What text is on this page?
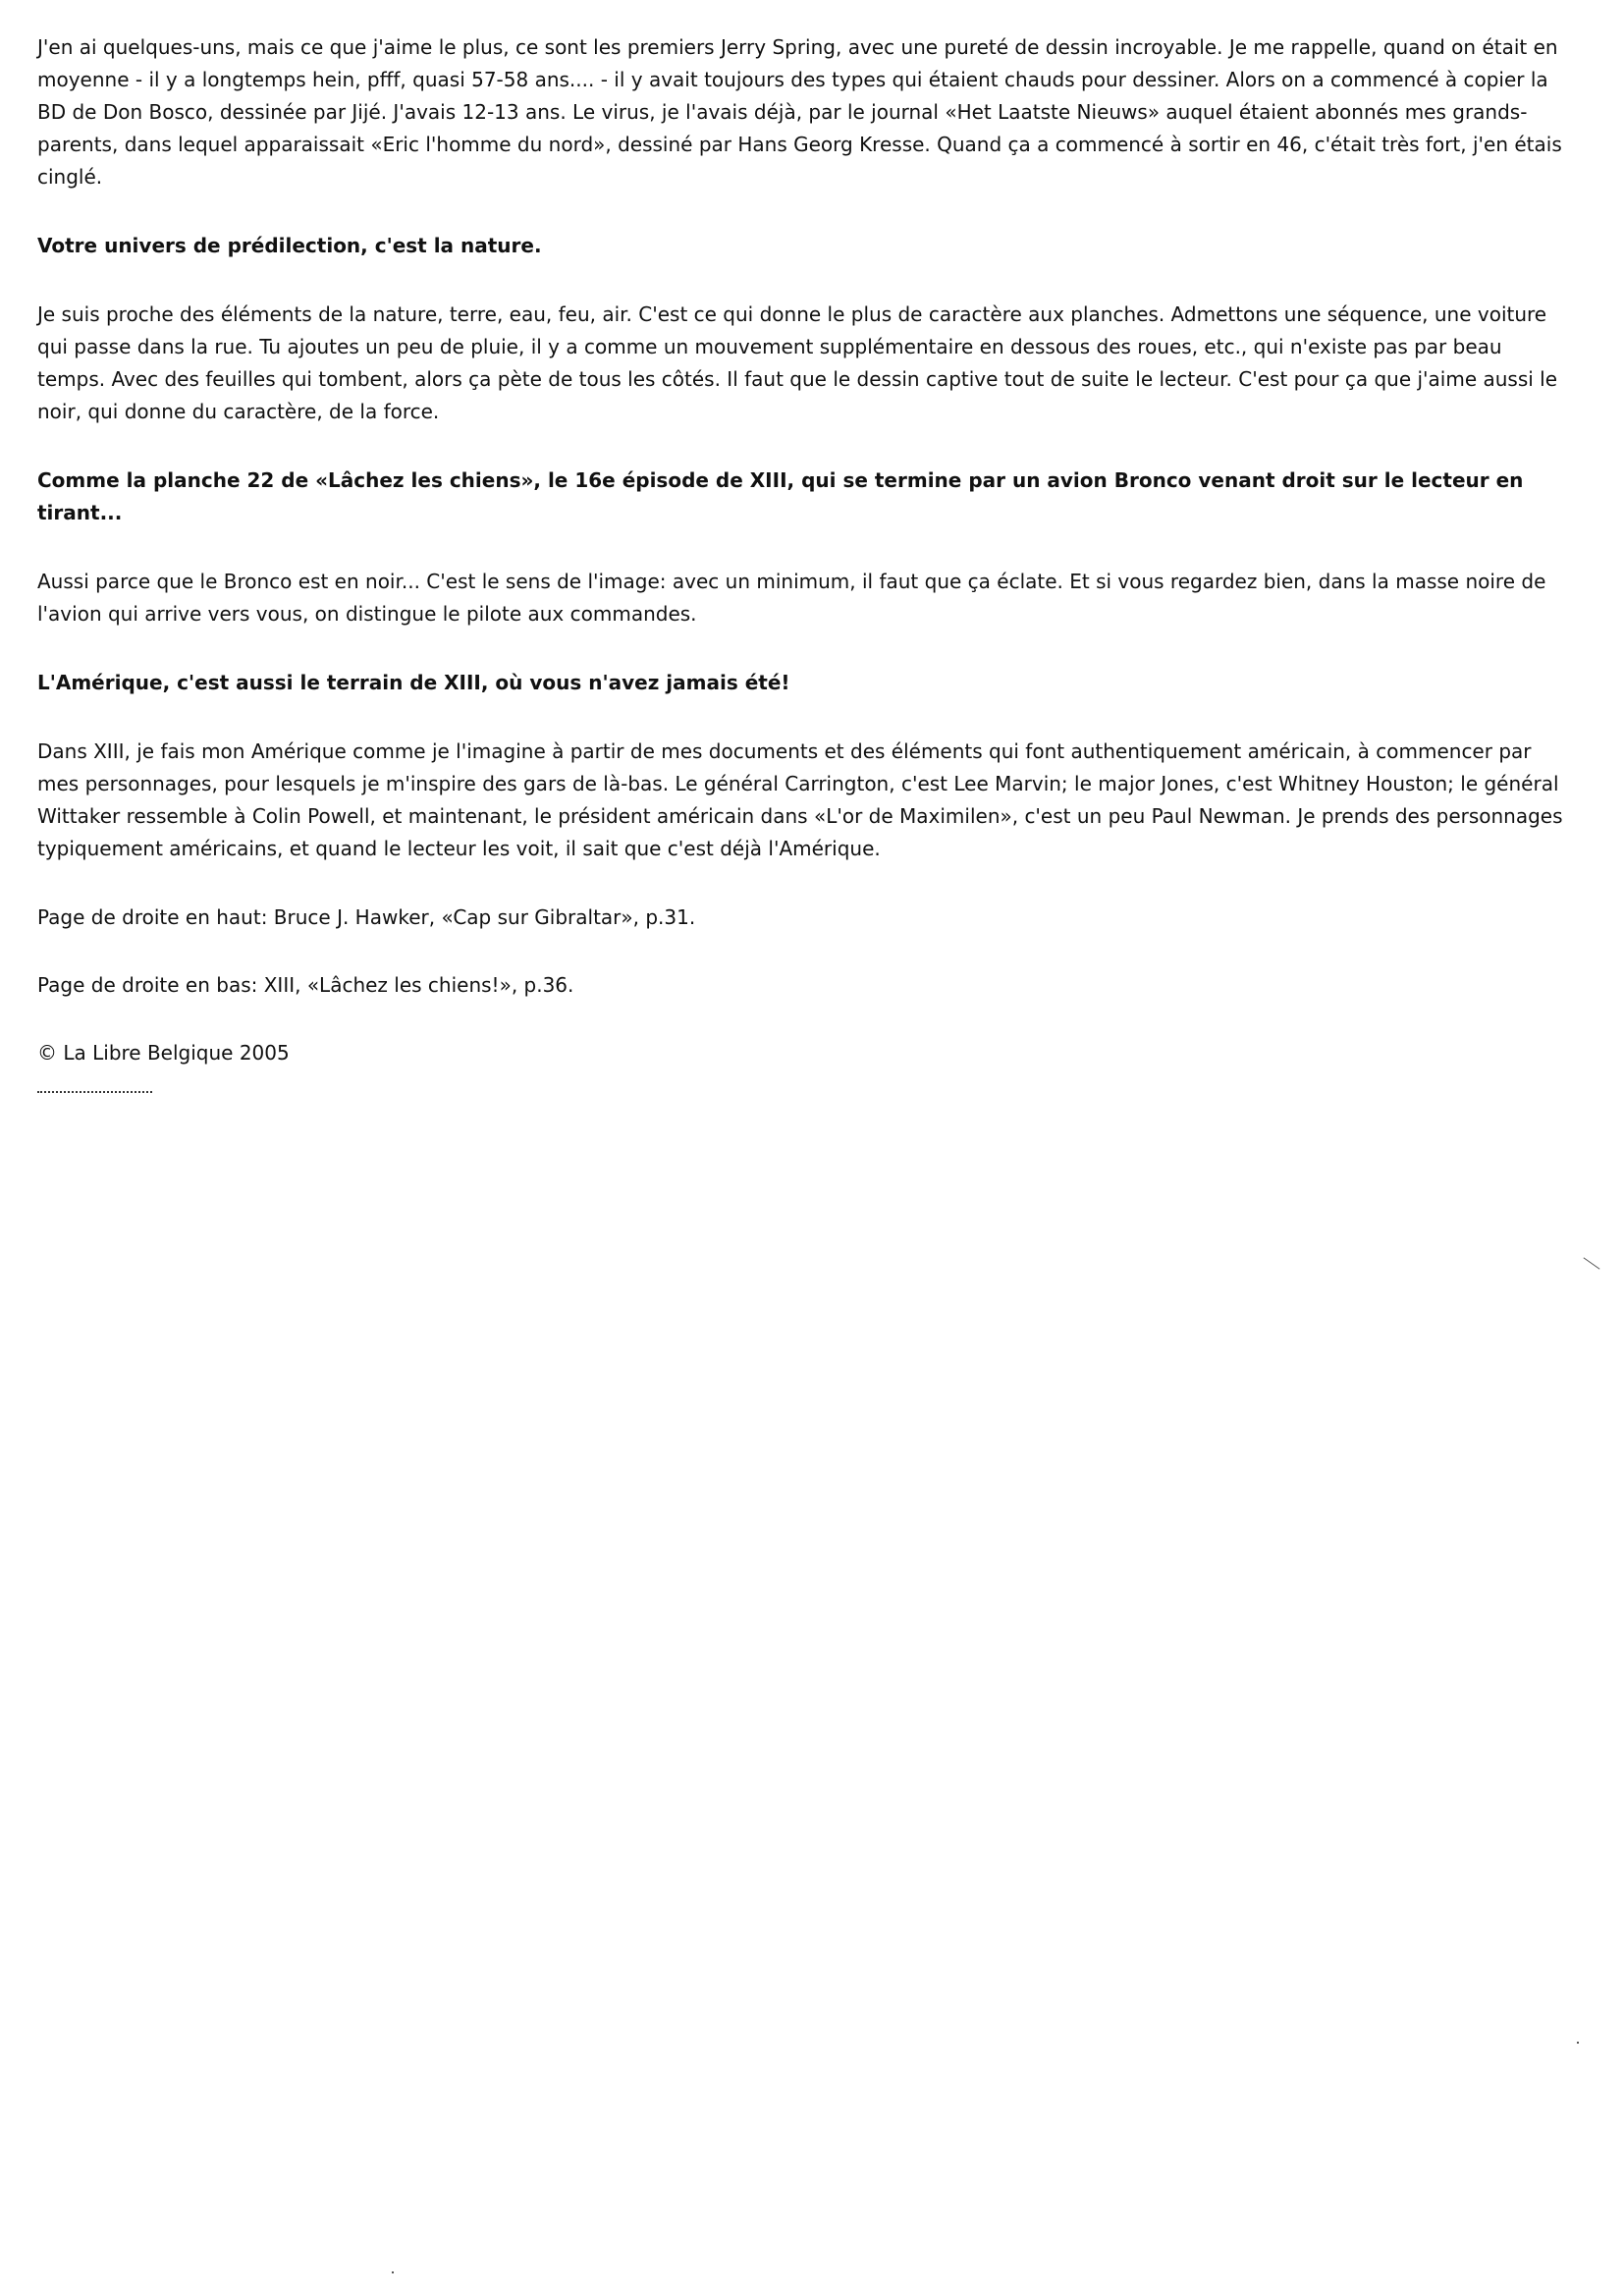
J'en ai quelques-uns, mais ce que j'aime le plus, ce sont les premiers Jerry Spring, avec une pureté de dessin incroyable. Je me rappelle, quand on était en moyenne - il y a longtemps hein, pfff, quasi 57-58 ans.... - il y avait toujours des types qui étaient chauds pour dessiner. Alors on a commencé à copier la BD de Don Bosco, dessinée par Jijé. J'avais 12-13 ans. Le virus, je l'avais déjà, par le journal «Het Laatste Nieuws» auquel étaient abonnés mes grands-parents, dans lequel apparaissait «Eric l'homme du nord», dessiné par Hans Georg Kresse. Quand ça a commencé à sortir en 46, c'était très fort, j'en étais cinglé.

Votre univers de prédilection, c'est la nature.

Je suis proche des éléments de la nature, terre, eau, feu, air. C'est ce qui donne le plus de caractère aux planches. Admettons une séquence, une voiture qui passe dans la rue. Tu ajoutes un peu de pluie, il y a comme un mouvement supplémentaire en dessous des roues, etc., qui n'existe pas par beau temps. Avec des feuilles qui tombent, alors ça pète de tous les côtés. Il faut que le dessin captive tout de suite le lecteur. C'est pour ça que j'aime aussi le noir, qui donne du caractère, de la force.

Comme la planche 22 de «Lâchez les chiens», le 16e épisode de XIII, qui se termine par un avion Bronco venant droit sur le lecteur en tirant...

Aussi parce que le Bronco est en noir... C'est le sens de l'image: avec un minimum, il faut que ça éclate. Et si vous regardez bien, dans la masse noire de l'avion qui arrive vers vous, on distingue le pilote aux commandes.

L'Amérique, c'est aussi le terrain de XIII, où vous n'avez jamais été!

Dans XIII, je fais mon Amérique comme je l'imagine à partir de mes documents et des éléments qui font authentiquement américain, à commencer par mes personnages, pour lesquels je m'inspire des gars de là-bas. Le général Carrington, c'est Lee Marvin; le major Jones, c'est Whitney Houston; le général Wittaker ressemble à Colin Powell, et maintenant, le président américain dans «L'or de Maximilen», c'est un peu Paul Newman. Je prends des personnages typiquement américains, et quand le lecteur les voit, il sait que c'est déjà l'Amérique.

Page de droite en haut: Bruce J. Hawker, «Cap sur Gibraltar», p.31.

Page de droite en bas: XIII, «Lâchez les chiens!», p.36.

© La Libre Belgique 2005
